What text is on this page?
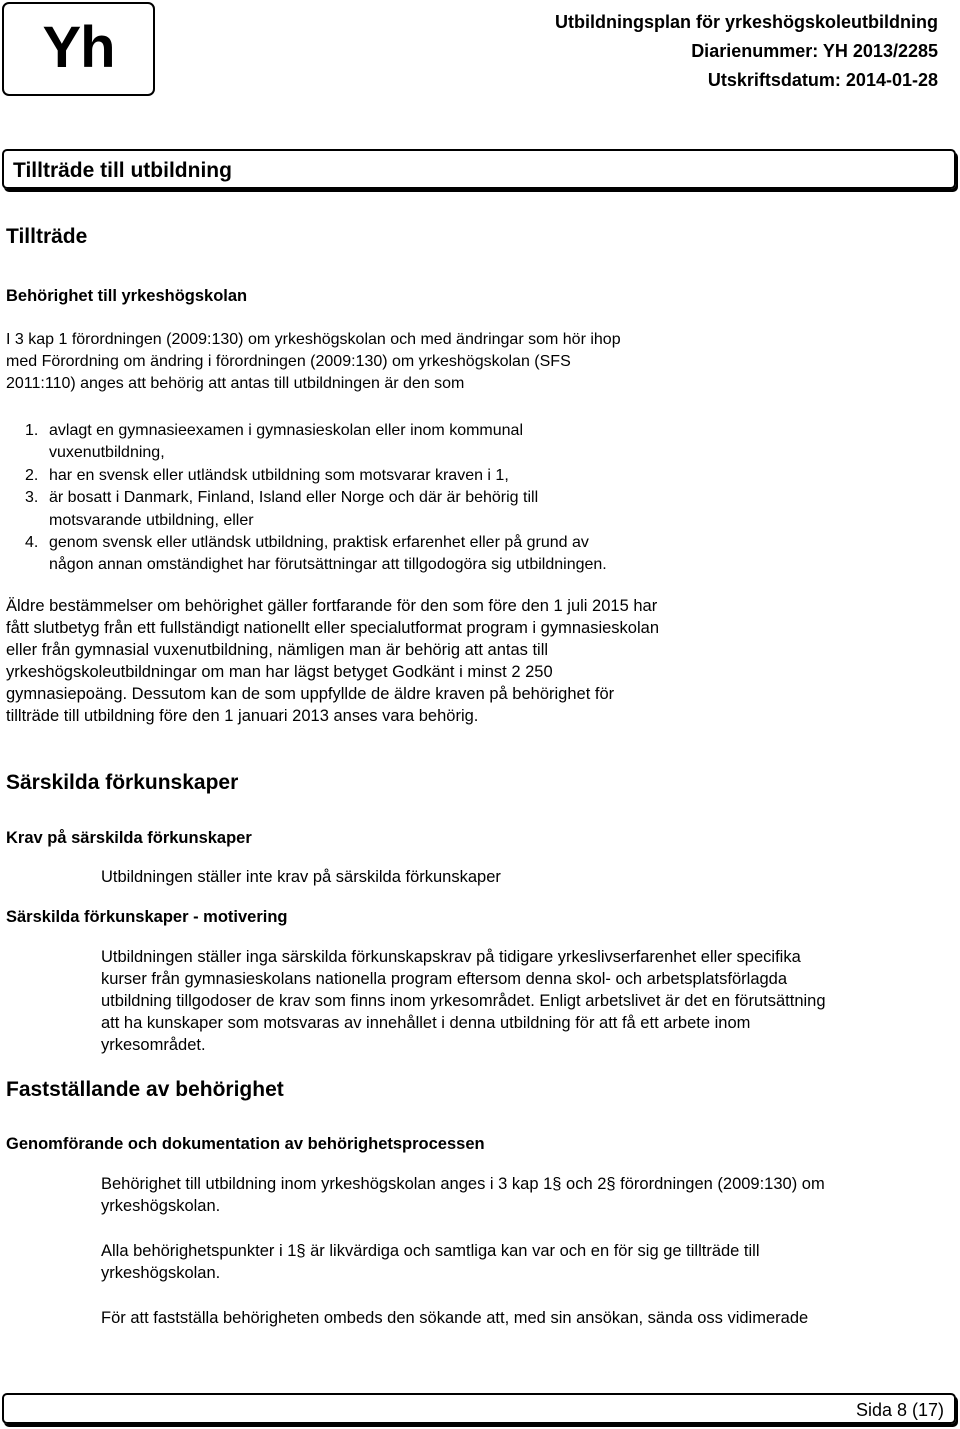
Yh	Utbildningsplan för yrkeshögskoleutbildning
Diarienummer: YH 2013/2285
Utskriftsdatum: 2014-01-28
Tillträde till utbildning
Tillträde
Behörighet till yrkeshögskolan
I 3 kap 1 förordningen (2009:130) om yrkeshögskolan och med ändringar som hör ihop
med Förordning om ändring i förordningen (2009:130) om yrkeshögskolan (SFS
2011:110) anges att behörig att antas till utbildningen är den som
1. avlagt en gymnasieexamen i gymnasieskolan eller inom kommunal
vuxenutbildning,
2. har en svensk eller utländsk utbildning som motsvarar kraven i 1,
3. är bosatt i Danmark, Finland, Island eller Norge och där är behörig till
motsvarande utbildning, eller
4. genom svensk eller utländsk utbildning, praktisk erfarenhet eller på grund av
någon annan omständighet har förutsättningar att tillgodogöra sig utbildningen.
Äldre bestämmelser om behörighet gäller fortfarande för den som före den 1 juli 2015 har
fått slutbetyg från ett fullständigt nationellt eller specialutformat program i gymnasieskolan
eller från gymnasial vuxenutbildning, nämligen man är behörig att antas till
yrkeshögskoleutbildningar om man har lägst betyget Godkänt i minst 2 250
gymnasiepoäng. Dessutom kan de som uppfyllde de äldre kraven på behörighet för
tillträde till utbildning före den 1 januari 2013 anses vara behörig.
Särskilda förkunskaper
Krav på särskilda förkunskaper
Utbildningen ställer inte krav på särskilda förkunskaper
Särskilda förkunskaper - motivering
Utbildningen ställer inga särskilda förkunskapskrav på tidigare yrkeslivserfarenhet eller specifika
kurser från gymnasieskolans nationella program eftersom denna skol- och arbetsplatsförlagda
utbildning tillgodoser de krav som finns inom yrkesområdet. Enligt arbetslivet är det en förutsättning
att ha kunskaper som motsvaras av innehållet i denna utbildning för att få ett arbete inom
yrkesområdet.
Fastställande av behörighet
Genomförande och dokumentation av behörighetsprocessen
Behörighet till utbildning inom yrkeshögskolan anges i 3 kap 1§ och 2§ förordningen (2009:130) om
yrkeshögskolan.
Alla behörighetspunkter i 1§ är likvärdiga och samtliga kan var och en för sig ge tillträde till
yrkeshögskolan.
För att fastställa behörigheten ombeds den sökande att, med sin ansökan, sända oss vidimerade
Sida 8 (17)
